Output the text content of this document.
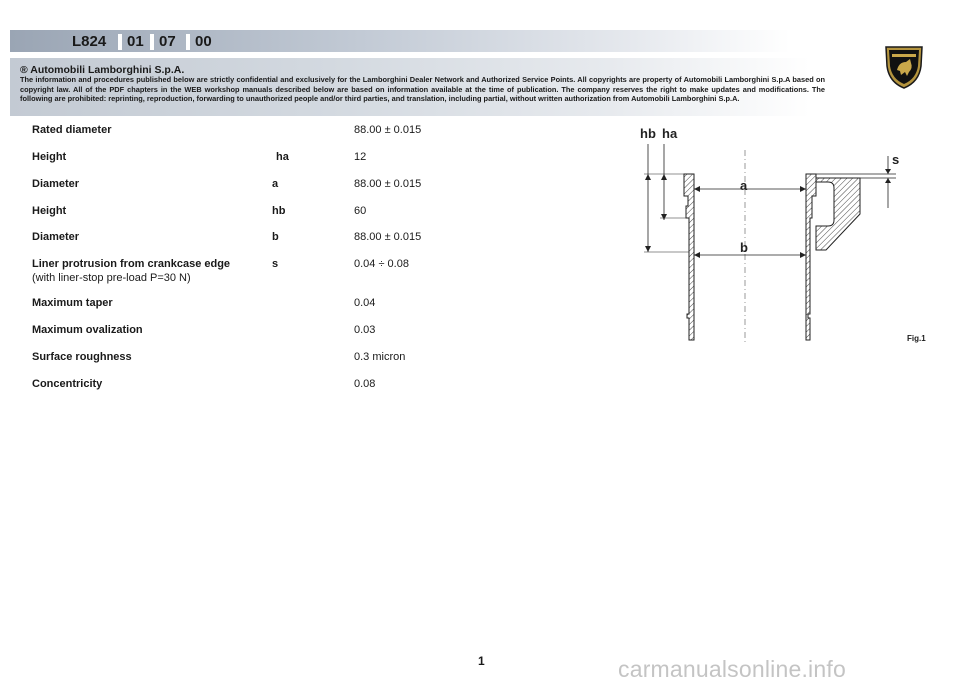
L824 01 07 00
® Automobili Lamborghini S.p.A.
The information and procedures published below are strictly confidential and exclusively for the Lamborghini Dealer Network and Authorized Service Points. All copyrights are property of Automobili Lamborghini S.p.A based on copyright law. All of the PDF chapters in the WEB workshop manuals described below are based on information available at the time of publication. The company reserves the right to make updates and modifications. The following are prohibited: reprinting, reproduction, forwarding to unauthorized people and/or third parties, and translation, including partial, without written authorization from Automobili Lamborghini S.p.A.
Rated diameter	88.00 ± 0.015
Height	ha	12
Diameter	a	88.00 ± 0.015
Height	hb	60
Diameter	b	88.00 ± 0.015
Liner protrusion from crankcase edge
(with liner-stop pre-load P=30 N)
s	0.04 ÷ 0.08
Maximum taper	0.04
Maximum ovalization	0.03
Surface roughness	0.3 micron
Concentricity	0.08
hb ha
s
a
b
Fig.1
1	carmanualsonline.info
